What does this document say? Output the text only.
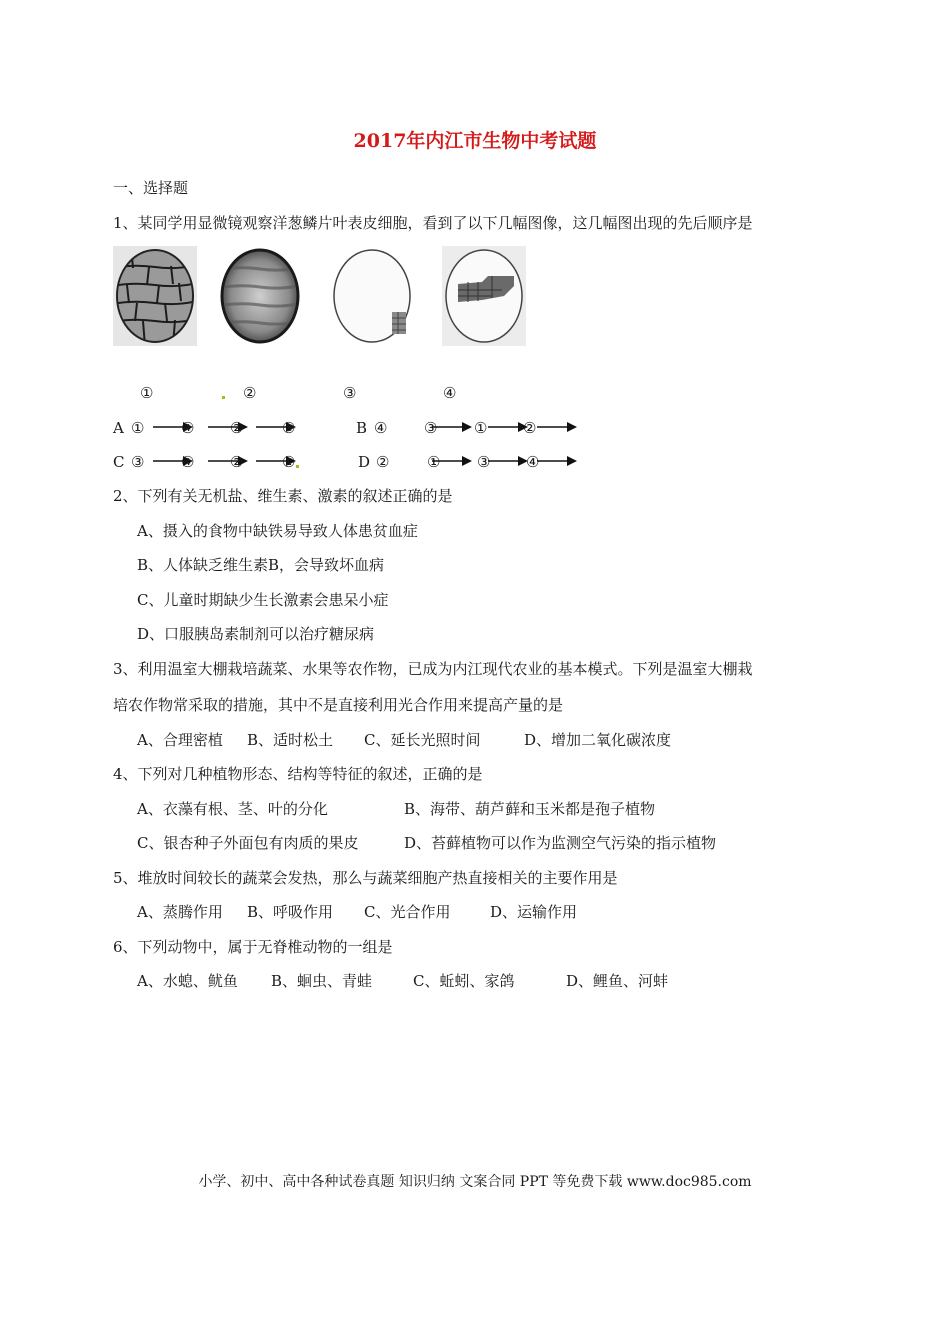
2017年内江市生物中考试题
一、选择题
1、某同学用显微镜观察洋葱鳞片叶表皮细胞，看到了以下几幅图像，这几幅图出现的先后顺序是
①	②	③	④
A ① ④ ②	③	B ④ ③ ① ②
C ③ ④ ②	①	D ②	① ③ ④
2、下列有关无机盐、维生素、激素的叙述正确的是
A、摄入的食物中缺铁易导致人体患贫血症
B、人体缺乏维生素B，会导致坏血病
C、儿童时期缺少生长激素会患呆小症
D、口服胰岛素制剂可以治疗糖尿病
3、利用温室大棚栽培蔬菜、水果等农作物，已成为内江现代农业的基本模式。下列是温室大棚栽
培农作物常采取的措施，其中不是直接利用光合作用来提高产量的是
A、合理密植 B、适时松土 C、延长光照时间	D、增加二氧化碳浓度
4、下列对几种植物形态、结构等特征的叙述，正确的是
A、衣藻有根、茎、叶的分化	B、海带、葫芦藓和玉米都是孢子植物
C、银杏种子外面包有肉质的果皮	D、苔藓植物可以作为监测空气污染的指示植物
5、堆放时间较长的蔬菜会发热，那么与蔬菜细胞产热直接相关的主要作用是
A、蒸腾作用 B、呼吸作用 C、光合作用	D、运输作用
6、下列动物中，属于无脊椎动物的一组是
A、水螅、鱿鱼 B、蛔虫、青蛙	C、蚯蚓、家鸽	D、鲤鱼、河蚌
小学、初中、高中各种试卷真题 知识归纳 文案合同 PPT 等免费下载 www.doc985.com
